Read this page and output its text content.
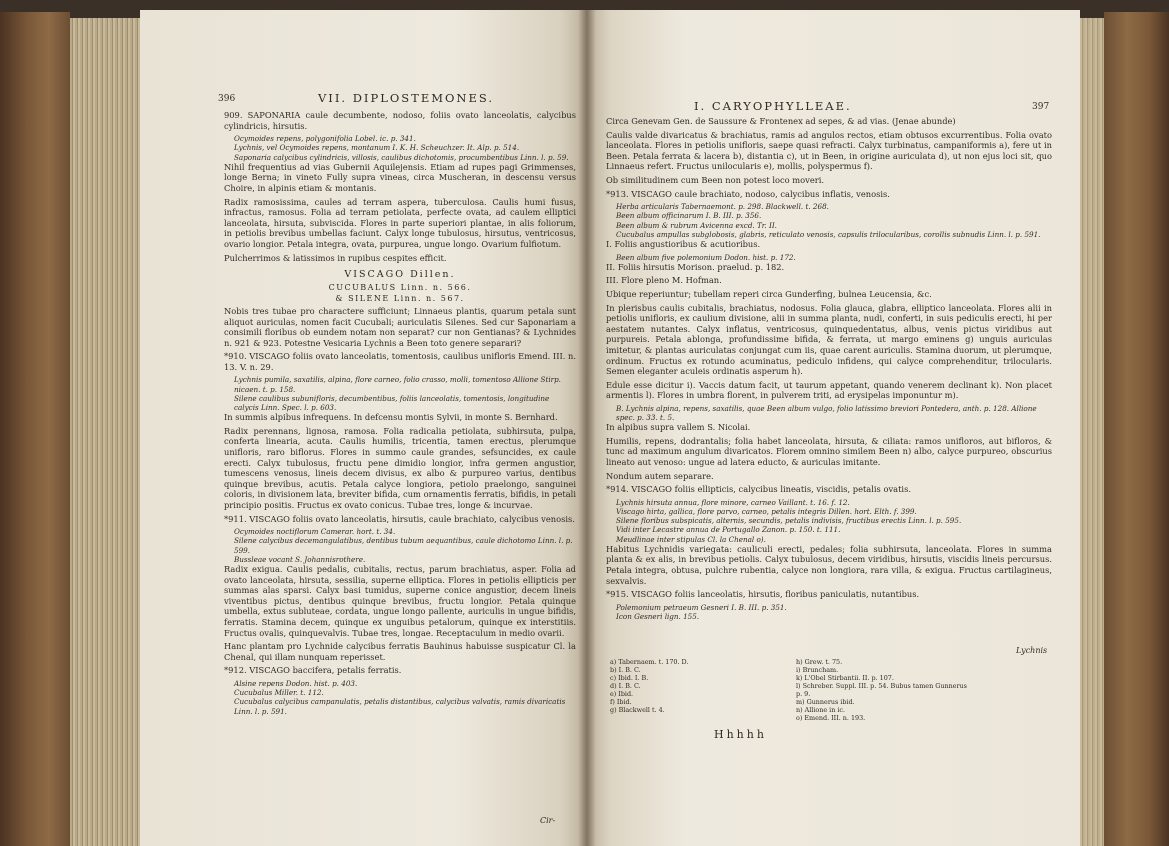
396	VII. DIPLOSTEMONES.
909. SAPONARIA caule decumbente, nodoso, foliis ovato lanceolatis, calycibus cylindricis, hirsutis.
Ocymoides repens, polygonifolia Lobel. ic. p. 341.
Lychnis, vel Ocymoides repens, montanum I. K. H. Scheuchzer. It. Alp. p. 514.
Saponaria calycibus cylindricis, villosis, caulibus dichotomis, procumbentibus Linn. l. p. 59.
Nihil frequentius ad vias Gubernii Aquilejensis. Etiam ad rupes pagi Grimmenses, longe Berna; in vineto Fully supra vineas, circa Muscheran, in descensu versus Choire, in alpinis etiam & montanis.
Radix ramosissima, caules ad terram aspera, tuberculosa. Caulis humi fusus, infractus, ramosus. Folia ad terram petiolata, perfecte ovata, ad caulem elliptici lanceolata, hirsuta, subviscida. Flores in parte superiori plantae, in alis foliorum, in petiolis brevibus umbellas faciunt. Calyx longe tubulosus, hirsutus, ventricosus, ovario longior. Petala integra, ovata, purpurea, ungue longo. Ovarium fulfiotum.
Pulcherrimos & latissimos in rupibus cespites efficit.
VISCAGO Dillen.
CUCUBALUS Linn. n. 566.
& SILENE Linn. n. 567.
Nobis tres tubae pro charactere sufficiunt; Linnaeus plantis, quarum petala sunt aliquot auriculas, nomen facit Cucubali; auriculatis Silenes. Sed cur Saponariam a consimili floribus ob eundem notam non separat? cur non Gentianas? & Lychnides n. 921 & 923. Potestne Vesicaria Lychnis a Been toto genere separari?
*910. VISCAGO foliis ovato lanceolatis, tomentosis, caulibus unifloris Emend. III. n. 13. V. n. 29.
Lychnis pumila, saxatilis, alpina, flore carneo, folio crasso, molli, tomentoso Allione Stirp. nicaen. t. p. 158.
Silene caulibus subunifloris, decumbentibus, foliis lanceolatis, tomentosis, longitudine calycis Linn. Spec. l. p. 603.
In summis alpibus infrequens. In defcensu montis Sylvii, in monte S. Bernhard.
Radix perennans, lignosa, ramosa. Folia radicalia petiolata, subhirsuta, pulpa, conferta linearia, acuta. Caulis humilis, tricentia, tamen erectus, plerumque unifloris, raro biflorus. Flores in summo caule grandes, sefsuncides, ex caule erecti. Calyx tubulosus, fructu pene dimidio longior, infra germen angustior, tumescens venosus, lineis decem divisus, ex albo & purpureo varius, dentibus quinque brevibus, acutis. Petala calyce longiora, petiolo praelongo, sanguinei coloris, in divisionem lata, breviter bifida, cum ornamentis ferratis, bifidis, in petali principio positis. Fructus ex ovato conicus. Tubae tres, longe & incurvae.
*911. VISCAGO foliis ovato lanceolatis, hirsutis, caule brachiato, calycibus venosis.
Ocymoides noctiflorum Camerar. hort. t. 34.
Silene calycibus decemangulatibus, dentibus tubum aequantibus, caule dichotomo Linn. l. p. 599.
Bussleae vocant S. Johannisrothere.
Radix exigua. Caulis pedalis, cubitalis, rectus, parum brachiatus, asper. Folia ad ovato lanceolata, hirsuta, sessilia, superne elliptica. Flores in petiolis ellipticis per summas alas sparsi. Calyx basi tumidus, superne conice angustior, decem lineis viventibus pictus, dentibus quinque brevibus, fructu longior. Petala quinque umbella, extus subluteae, cordata, ungue longo pallente, auriculis in ungue bifidis, ferratis. Stamina decem, quinque ex unguibus petalorum, quinque ex interstitiis. Fructus ovalis, quinquevalvis. Tubae tres, longae. Receptaculum in medio ovarii.
Hanc plantam pro Lychnide calycibus ferratis Bauhinus habuisse suspicatur Cl. la Chenal, qui illam nunquam reperisset.
*912. VISCAGO baccifera, petalis ferratis.
Alsine repens Dodon. hist. p. 403.
Cucubalus Miller. t. 112.
Cucubalus calycibus campanulatis, petalis distantibus, calycibus valvatis, ramis divaricatis Linn. l. p. 591.
Cir-
I. CARYOPHYLLEAE.	397
Circa Genevam Gen. de Saussure & Frontenex ad sepes, & ad vias. (Jenae abunde)
Caulis valde divaricatus & brachiatus, ramis ad angulos rectos, etiam obtusos excurrentibus. Folia ovato lanceolata. Flores in petiolis unifloris, saepe quasi refracti. Calyx turbinatus, campaniformis a), fere ut in Been. Petala ferrata & lacera b), distantia c), ut in Been, in origine auriculata d), ut non ejus loci sit, quo Linnaeus refert. Fructus unilocularis e), mollis, polyspermus f).
Ob similitudinem cum Been non potest loco moveri.
*913. VISCAGO caule brachiato, nodoso, calycibus inflatis, venosis.
Herba articularis Tabernaemont. p. 298. Blackwell. t. 268.
Been album officinarum I. B. III. p. 356.
Been album & rubrum Avicenna excd. Tr. II.
Cucubalus ampullas subglobosis, glabris, reticulato venosis, capsulis trilocularibus, corollis subnudis Linn. l. p. 591.
I. Foliis angustioribus & acutioribus.
Been album five polemonium Dodon. hist. p. 172.
II. Foliis hirsutis Morison. praelud. p. 182.
III. Flore pleno M. Hofman.
Ubique reperiuntur; tubellam reperi circa Gunderfing, bulnea Leucensia, &c.
In plerisbus caulis cubitalis, brachiatus, nodosus. Folia glauca, glabra, elliptico lanceolata. Flores alii in petiolis unifloris, ex caulium divisione, alii in summa planta, nudi, conferti, in suis pediculis erecti, hi per aestatem nutantes. Calyx inflatus, ventricosus, quinquedentatus, albus, venis pictus viridibus aut purpureis. Petala ablonga, profundissime bifida, & ferrata, ut margo eminens g) unguis auriculas imitetur, & plantas auriculatas conjungat cum iis, quae carent auriculis. Stamina duorum, ut plerumque, ordinum. Fructus ex rotundo acuminatus, pediculo infidens, qui calyce comprehenditur, trilocularis. Semen eleganter aculeis ordinatis asperum h).
Edule esse dicitur i). Vaccis datum facit, ut taurum appetant, quando venerem declinant k). Non placet armentis l). Flores in umbra florent, in pulverem triti, ad erysipelas imponuntur m).
B. Lychnis alpina, repens, saxatilis, quae Been album vulgo, folio latissimo breviori Pontedera, anth. p. 128. Allione spec. p. 33. t. 5.
In alpibus supra vallem S. Nicolai.
Humilis, repens, dodrantalis; folia habet lanceolata, hirsuta, & ciliata: ramos unifloros, aut bifloros, & tunc ad maximum angulum divaricatos. Florem omnino similem Been n) albo, calyce purpureo, obscurius lineato aut venoso: ungue ad latera educto, & auriculas imitante.
Nondum autem separare.
*914. VISCAGO foliis ellipticis, calycibus lineatis, viscidis, petalis ovatis.
Lychnis hirsuta annua, flore minore, carneo Vaillant. t. 16. f. 12.
Viscago hirta, gallica, flore parvo, carneo, petalis integris Dillen. hort. Elth. f. 399.
Silene floribus subspicatis, alternis, secundis, petalis indivisis, fructibus erectis Linn. l. p. 595.
Vidi inter Lecastre annua de Portugallo Zanon. p. 150. t. 111.
Meudlinae inter stipulas Cl. la Chenal o).
Habitus Lychnidis variegata: cauliculi erecti, pedales; folia subhirsuta, lanceolata. Flores in summa planta & ex alis, in brevibus petiolis. Calyx tubulosus, decem viridibus, hirsutis, viscidis lineis percursus. Petala integra, obtusa, pulchre rubentia, calyce non longiora, rara villa, & exigua. Fructus cartilagineus, sexvalvis.
*915. VISCAGO foliis lanceolatis, hirsutis, floribus paniculatis, nutantibus.
Polemonium petraeum Gesneri I. B. III. p. 351.
Icon Gesneri lign. 155.
a) Tabernaem. t. 170. D.
b) I. B. C.
c) Ibid. I. B.
d) I. B. C.
e) Ibid.
f) Ibid.
g) Blackwell t. 4.
h) Grew. t. 75.
i) Bruncham.
k) L'Obel Stirbantii. II. p. 107.
l) Schreber. Suppl. III. p. 54. Bubus tamen Gunnerus
p. 9.
m) Gunnerus ibid.
n) Allione in ic.
o) Emend. III. n. 193.
Lychnis
Hhhhh
